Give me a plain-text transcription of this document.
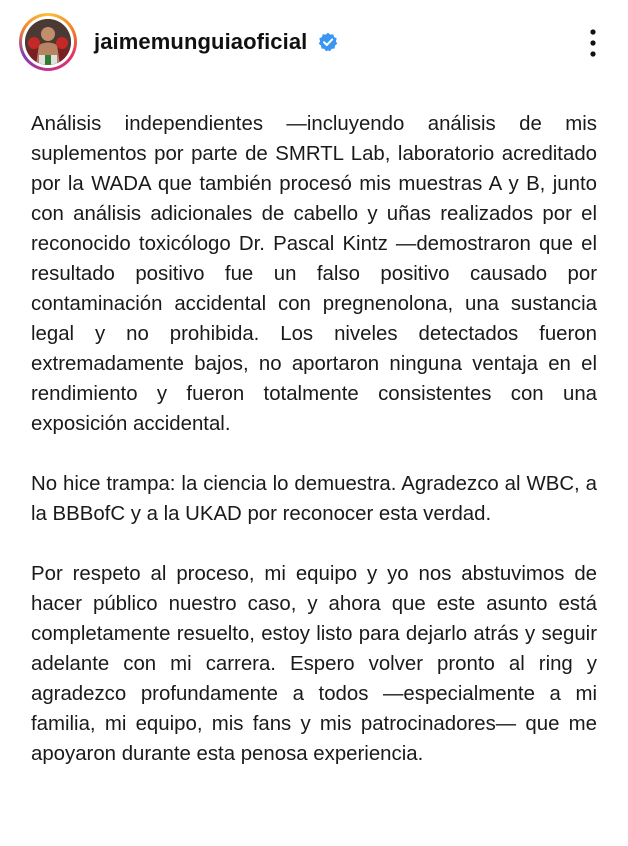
jaimemunguiaoficial

Análisis independientes —incluyendo análisis de mis suplementos por parte de SMRTL Lab, laboratorio acreditado por la WADA que también procesó mis muestras A y B, junto con análisis adicionales de cabello y uñas realizados por el reconocido toxicólogo Dr. Pascal Kintz —demostraron que el resultado positivo fue un falso positivo causado por contaminación accidental con pregnenolona, una sustancia legal y no prohibida. Los niveles detectados fueron extremadamente bajos, no aportaron ninguna ventaja en el rendimiento y fueron totalmente consistentes con una exposición accidental.

No hice trampa: la ciencia lo demuestra. Agradezco al WBC, a la BBBofC y a la UKAD por reconocer esta verdad.

Por respeto al proceso, mi equipo y yo nos abstuvimos de hacer público nuestro caso, y ahora que este asunto está completamente resuelto, estoy listo para dejarlo atrás y seguir adelante con mi carrera. Espero volver pronto al ring y agradezco profundamente a todos —especialmente a mi familia, mi equipo, mis fans y mis patrocinadores— que me apoyaron durante esta penosa experiencia.
